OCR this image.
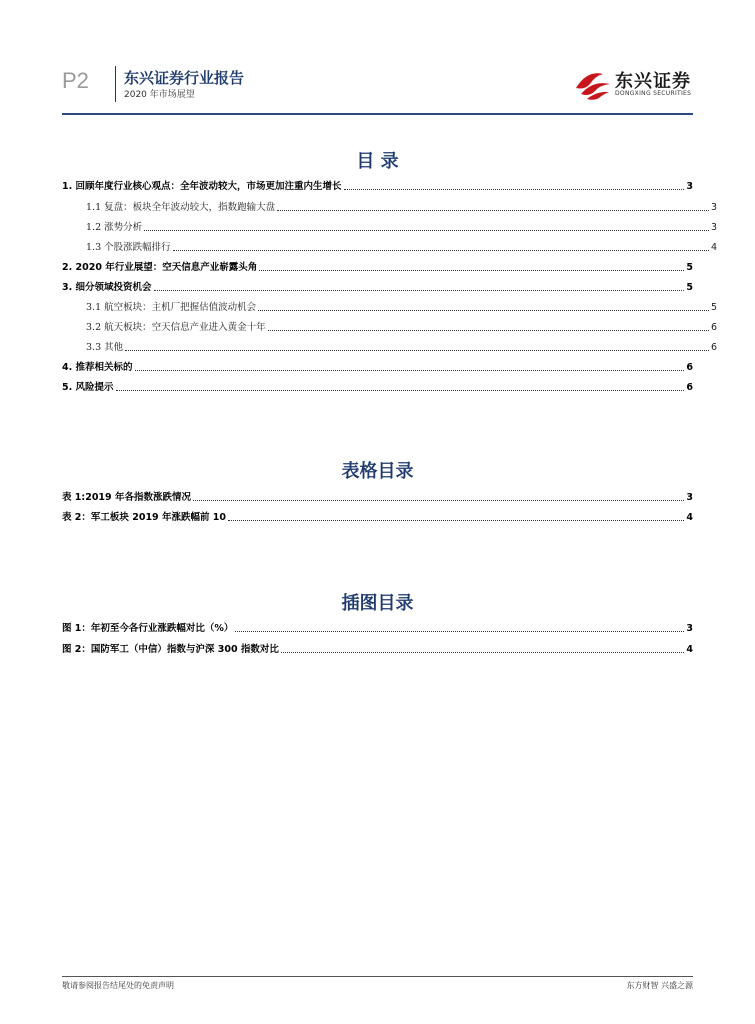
P2 东兴证券行业报告
2020 年市场展望
东兴证券
DONGXING SECURITIES
目 录
1. 回顾年度行业核心观点：全年波动较大，市场更加注重内生增长	3
1.1 复盘：板块全年波动较大，指数跑输大盘	3
1.2 涨势分析	3
1.3 个股涨跌幅排行	4
2. 2020 年行业展望：空天信息产业崭露头角	5
3. 细分领域投资机会	5
3.1 航空板块：主机厂把握估值波动机会	5
3.2 航天板块：空天信息产业进入黄金十年	6
3.3 其他	6
4. 推荐相关标的	6
5. 风险提示	6
表格目录
表 1:2019 年各指数涨跌情况	3
表 2：军工板块 2019 年涨跌幅前 10	4
插图目录
图 1：年初至今各行业涨跌幅对比（%）	3
图 2：国防军工（中信）指数与沪深 300 指数对比	4
敬请参阅报告结尾处的免责声明	东方财智 兴盛之源
